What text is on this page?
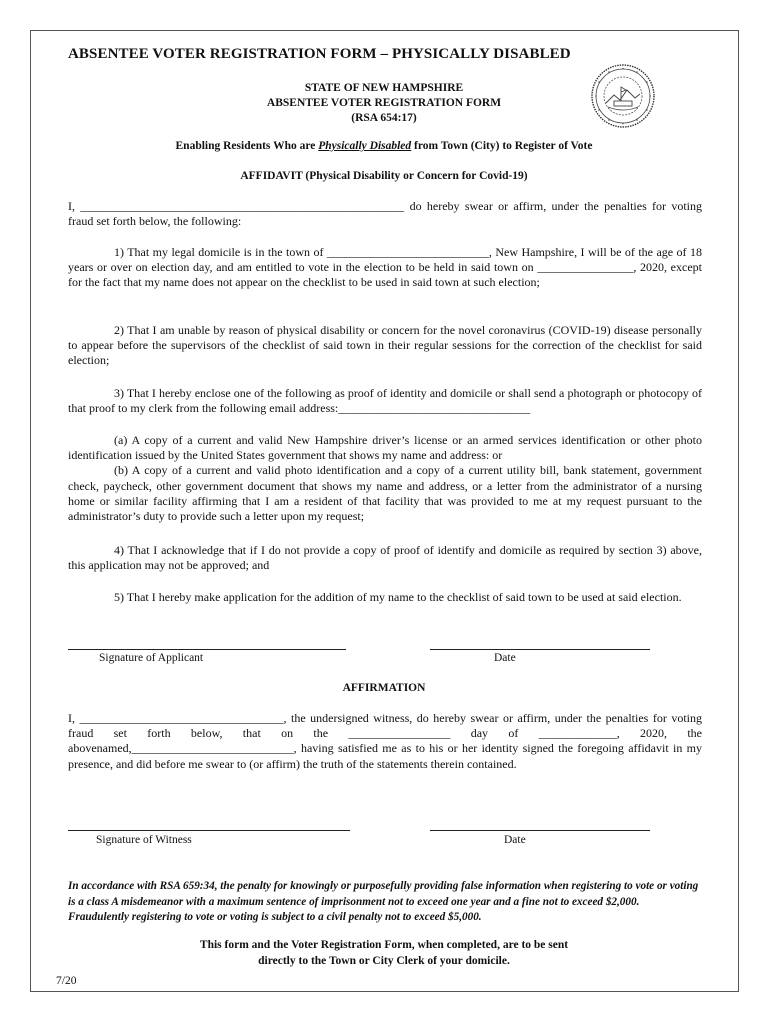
ABSENTEE VOTER REGISTRATION FORM – PHYSICALLY DISABLED
STATE OF NEW HAMPSHIRE
ABSENTEE VOTER REGISTRATION FORM
(RSA 654:17)
Enabling Residents Who are Physically Disabled from Town (City) to Register of Vote
AFFIDAVIT (Physical Disability or Concern for Covid-19)

I, ______________________________________________________ do hereby swear or affirm, under the penalties for voting fraud set forth below, the following:

1) That my legal domicile is in the town of ___________________________, New Hampshire, I will be of the age of 18 years or over on election day, and am entitled to vote in the election to be held in said town on ________________, 2020, except for the fact that my name does not appear on the checklist to be used in said town at such election;

2) That I am unable by reason of physical disability or concern for the novel coronavirus (COVID-19) disease personally to appear before the supervisors of the checklist of said town in their regular sessions for the correction of the checklist for said election;

3) That I hereby enclose one of the following as proof of identity and domicile or shall send a photograph or photocopy of that proof to my clerk from the following email address:________________________________

(a) A copy of a current and valid New Hampshire driver’s license or an armed services identification or other photo identification issued by the United States government that shows my name and address: or

(b) A copy of a current and valid photo identification and a copy of a current utility bill, bank statement, government check, paycheck, other government document that shows my name and address, or a letter from the administrator of a nursing home or similar facility affirming that I am a resident of that facility that was provided to me at my request pursuant to the administrator’s duty to provide such a letter upon my request;

4) That I acknowledge that if I do not provide a copy of proof of identify and domicile as required by section 3) above, this application may not be approved; and

5) That I hereby make application for the addition of my name to the checklist of said town to be used at said election.

Signature of Applicant	Date
AFFIRMATION

I, __________________________________, the undersigned witness, do hereby swear or affirm, under the penalties for voting fraud set forth below, that on the _________________ day of _____________, 2020, the abovenamed,___________________________, having satisfied me as to his or her identity signed the foregoing affidavit in my presence, and did before me swear to (or affirm) the truth of the statements therein contained.

Signature of Witness	Date
In accordance with RSA 659:34, the penalty for knowingly or purposefully providing false information when registering to vote or voting is a class A misdemeanor with a maximum sentence of imprisonment not to exceed one year and a fine not to exceed $2,000. Fraudulently registering to vote or voting is subject to a civil penalty not to exceed $5,000.
This form and the Voter Registration Form, when completed, are to be sent
directly to the Town or City Clerk of your domicile.
7/20
